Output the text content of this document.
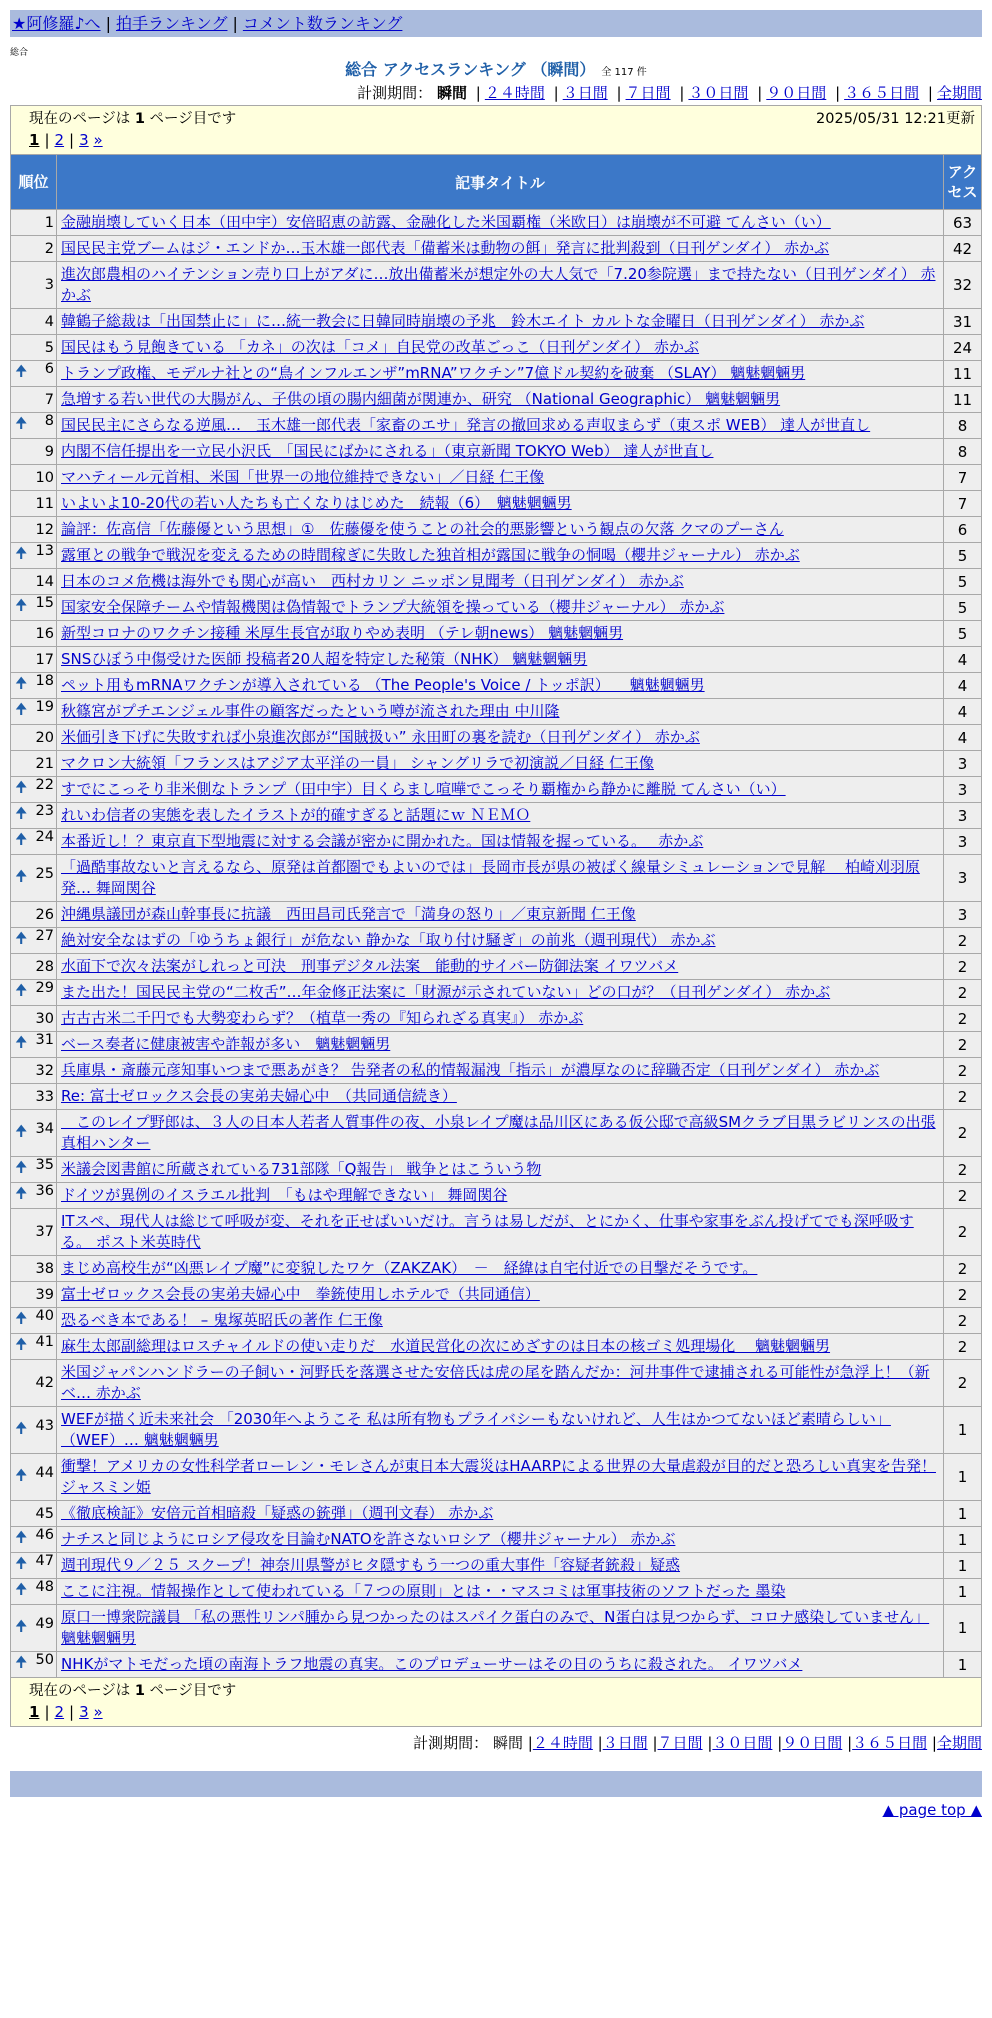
★阿修羅♪へ | 拍手ランキング | コメント数ランキング
総合
総合 アクセスランキング （瞬間） 全 117 件
計測期間： 瞬間 | ２４時間 | ３日間 | ７日間 | ３０日間 | ９０日間 | ３６５日間 | 全期間
現在のページは 1 ページ目です 2025/05/31 12:21更新
1 | 2 | 3 »		

順位	記事タイトル	アクセス
1	金融崩壊していく日本（田中宇）安倍昭恵の訪露、金融化した米国覇権（米欧日）は崩壊が不可避 てんさい（い）	63
2	国民民主党ブームはジ・エンドか…玉木雄一郎代表「備蓄米は動物の餌」発言に批判殺到（日刊ゲンダイ） 赤かぶ	42
3	進次郎農相のハイテンション売り口上がアダに…放出備蓄米が想定外の大人気で「7.20参院選」まで持たない（日刊ゲンダイ） 赤かぶ	32
4	韓鶴子総裁は「出国禁止に」に…統一教会に日韓同時崩壊の予兆　鈴木エイト カルトな金曜日（日刊ゲンダイ） 赤かぶ	31
5	国民はもう見飽きている 「カネ」の次は「コメ」自民党の改革ごっこ（日刊ゲンダイ） 赤かぶ	24

🠉 6	トランプ政権、モデルナ社との“鳥インフルエンザ”mRNA”ワクチン”7億ドル契約を破棄 （SLAY） 魑魅魍魎男	11
7	急増する若い世代の大腸がん、子供の頃の腸内細菌が関連か、研究 （National Geographic） 魑魅魍魎男	11

🠉 8	国民民主にさらなる逆風…　玉木雄一郎代表「家畜のエサ」発言の撤回求める声収まらず（東スポ WEB） 達人が世直し	8
9	内閣不信任提出を一立民小沢氏　「国民にばかにされる」（東京新聞 TOKYO Web） 達人が世直し	8
10	マハティール元首相、米国「世界一の地位維持できない」／日経 仁王像	7
11	いよいよ10-20代の若い人たちも亡くなりはじめた　続報（6）　魑魅魍魎男	7
12	論評：佐高信「佐藤優という思想」①　佐藤優を使うことの社会的悪影響という観点の欠落 クマのプーさん	6

🠉 13	露軍との戦争で戦況を変えるための時間稼ぎに失敗した独首相が露国に戦争の恫喝（櫻井ジャーナル） 赤かぶ	5
14	日本のコメ危機は海外でも関心が高い　西村カリン ニッポン見聞考（日刊ゲンダイ） 赤かぶ	5

🠉 15	国家安全保障チームや情報機関は偽情報でトランプ大統領を操っている（櫻井ジャーナル） 赤かぶ	5
16	新型コロナのワクチン接種 米厚生長官が取りやめ表明 （テレ朝news） 魑魅魍魎男	5
17	SNSひぼう中傷受けた医師 投稿者20人超を特定した秘策（NHK） 魑魅魍魎男	4

🠉 18	ペット用もmRNAワクチンが導入されている （The People's Voice / トッポ訳） 　魑魅魍魎男	4

🠉 19	秋篠宮がプチエンジェル事件の顧客だったという噂が流された理由 中川隆	4
20	米価引き下げに失敗すれば小泉進次郎が“国賊扱い” 永田町の裏を読む（日刊ゲンダイ） 赤かぶ	4
21	マクロン大統領「フランスはアジア太平洋の一員」 シャングリラで初演説／日経 仁王像	3

🠉 22	すでにこっそり非米側なトランプ（田中宇）目くらまし喧嘩でこっそり覇権から静かに離脱 てんさい（い）	3

🠉 23	れいわ信者の実態を表したイラストが的確すぎると話題にｗ ＮＥＭＯ	3

🠉 24	本番近し！？東京直下型地震に対する会議が密かに開かれた。国は情報を握っている。　 赤かぶ	3

🠉 25	「過酷事故ないと言えるなら、原発は首都圏でもよいのでは」長岡市長が県の被ばく線量シミュレーションで見解　 柏崎刈羽原発… 舞岡関谷	3
26	沖縄県議団が森山幹事長に抗議　西田昌司氏発言で「満身の怒り」／東京新聞 仁王像	3

🠉 27	絶対安全なはずの「ゆうちょ銀行」が危ない 静かな「取り付け騒ぎ」の前兆（週刊現代） 赤かぶ	2
28	水面下で次々法案がしれっと可決　刑事デジタル法案　能動的サイバー防御法案 イワツバメ	2

🠉 29	また出た！国民民主党の“二枚舌”…年金修正法案に「財源が示されていない」どの口が？（日刊ゲンダイ） 赤かぶ	2
30	古古古米二千円でも大勢変わらず？（植草一秀の『知られざる真実』） 赤かぶ	2

🠉 31	ベース奏者に健康被害や詐報が多い　魑魅魍魎男	2
32	兵庫県・斎藤元彦知事いつまで悪あがき？ 告発者の私的情報漏洩「指示」が濃厚なのに辞職否定（日刊ゲンダイ） 赤かぶ	2
33	Re: 富士ゼロックス会長の実弟夫婦心中　（共同通信続き）	2

🠉 34	　このレイプ野郎は、３人の日本人若者人質事件の夜、小泉レイプ魔は品川区にある仮公邸で高級SMクラブ目黒ラビリンスの出張 真相ハンター	2

🠉 35	米議会図書館に所蔵されている731部隊「Q報告」 戦争とはこういう物	2

🠉 36	ドイツが異例のイスラエル批判　「もはや理解できない」 舞岡関谷	2
37	ITスペ、現代人は総じて呼吸が変、それを正せばいいだけ。言うは易しだが、とにかく、仕事や家事をぶん投げてでも深呼吸する。 ポスト米英時代	2
38	まじめ高校生が“凶悪レイプ魔”に変貌したワケ（ZAKZAK）　－　経緯は自宅付近での目撃だそうです。	2
39	富士ゼロックス会長の実弟夫婦心中　拳銃使用しホテルで（共同通信）	2

🠉 40	恐るべき本である！ – 鬼塚英昭氏の著作 仁王像	2

🠉 41	麻生太郎副総理はロスチャイルドの使い走りだ　水道民営化の次にめざすのは日本の核ゴミ処理場化　 魑魅魍魎男	2
42	米国ジャパンハンドラーの子飼い・河野氏を落選させた安倍氏は虎の尾を踏んだか：河井事件で逮捕される可能性が急浮上！（新ベ… 赤かぶ	2

🠉 43	WEFが描く近未来社会 「2030年へようこそ 私は所有物もプライバシーもないけれど、人生はかつてないほど素晴らしい」 （WEF）… 魑魅魍魎男	1

🠉 44	衝撃！アメリカの女性科学者ローレン・モレさんが東日本大震災はHAARPによる世界の大量虐殺が目的だと恐ろしい真実を告発！ ジャスミン姫	1
45	《徹底検証》安倍元首相暗殺「疑惑の銃弾」（週刊文春） 赤かぶ	1

🠉 46	ナチスと同じようにロシア侵攻を目論むNATOを許さないロシア（櫻井ジャーナル） 赤かぶ	1

🠉 47	週刊現代９／２５ スクープ！神奈川県警がヒタ隠すもう一つの重大事件「容疑者銃殺」疑惑	1

🠉 48	ここに注視。情報操作として使われている「７つの原則」とは・・マスコミは軍事技術のソフトだった 墨染	1

🠉 49	原口一博衆院議員 「私の悪性リンパ腫から見つかったのはスパイク蛋白のみで、N蛋白は見つからず、コロナ感染していません」 魑魅魍魎男	1

🠉 50	NHKがマトモだった頃の南海トラフ地震の真実。このプロデューサーはその日のうちに殺された。 イワツバメ	1

現在のページは 1 ページ目です
1 | 2 | 3 »		
計測期間： 瞬間 |２４時間 |３日間 |７日間 |３０日間 |９０日間 |３６５日間 |全期間
▲ page top ▲
